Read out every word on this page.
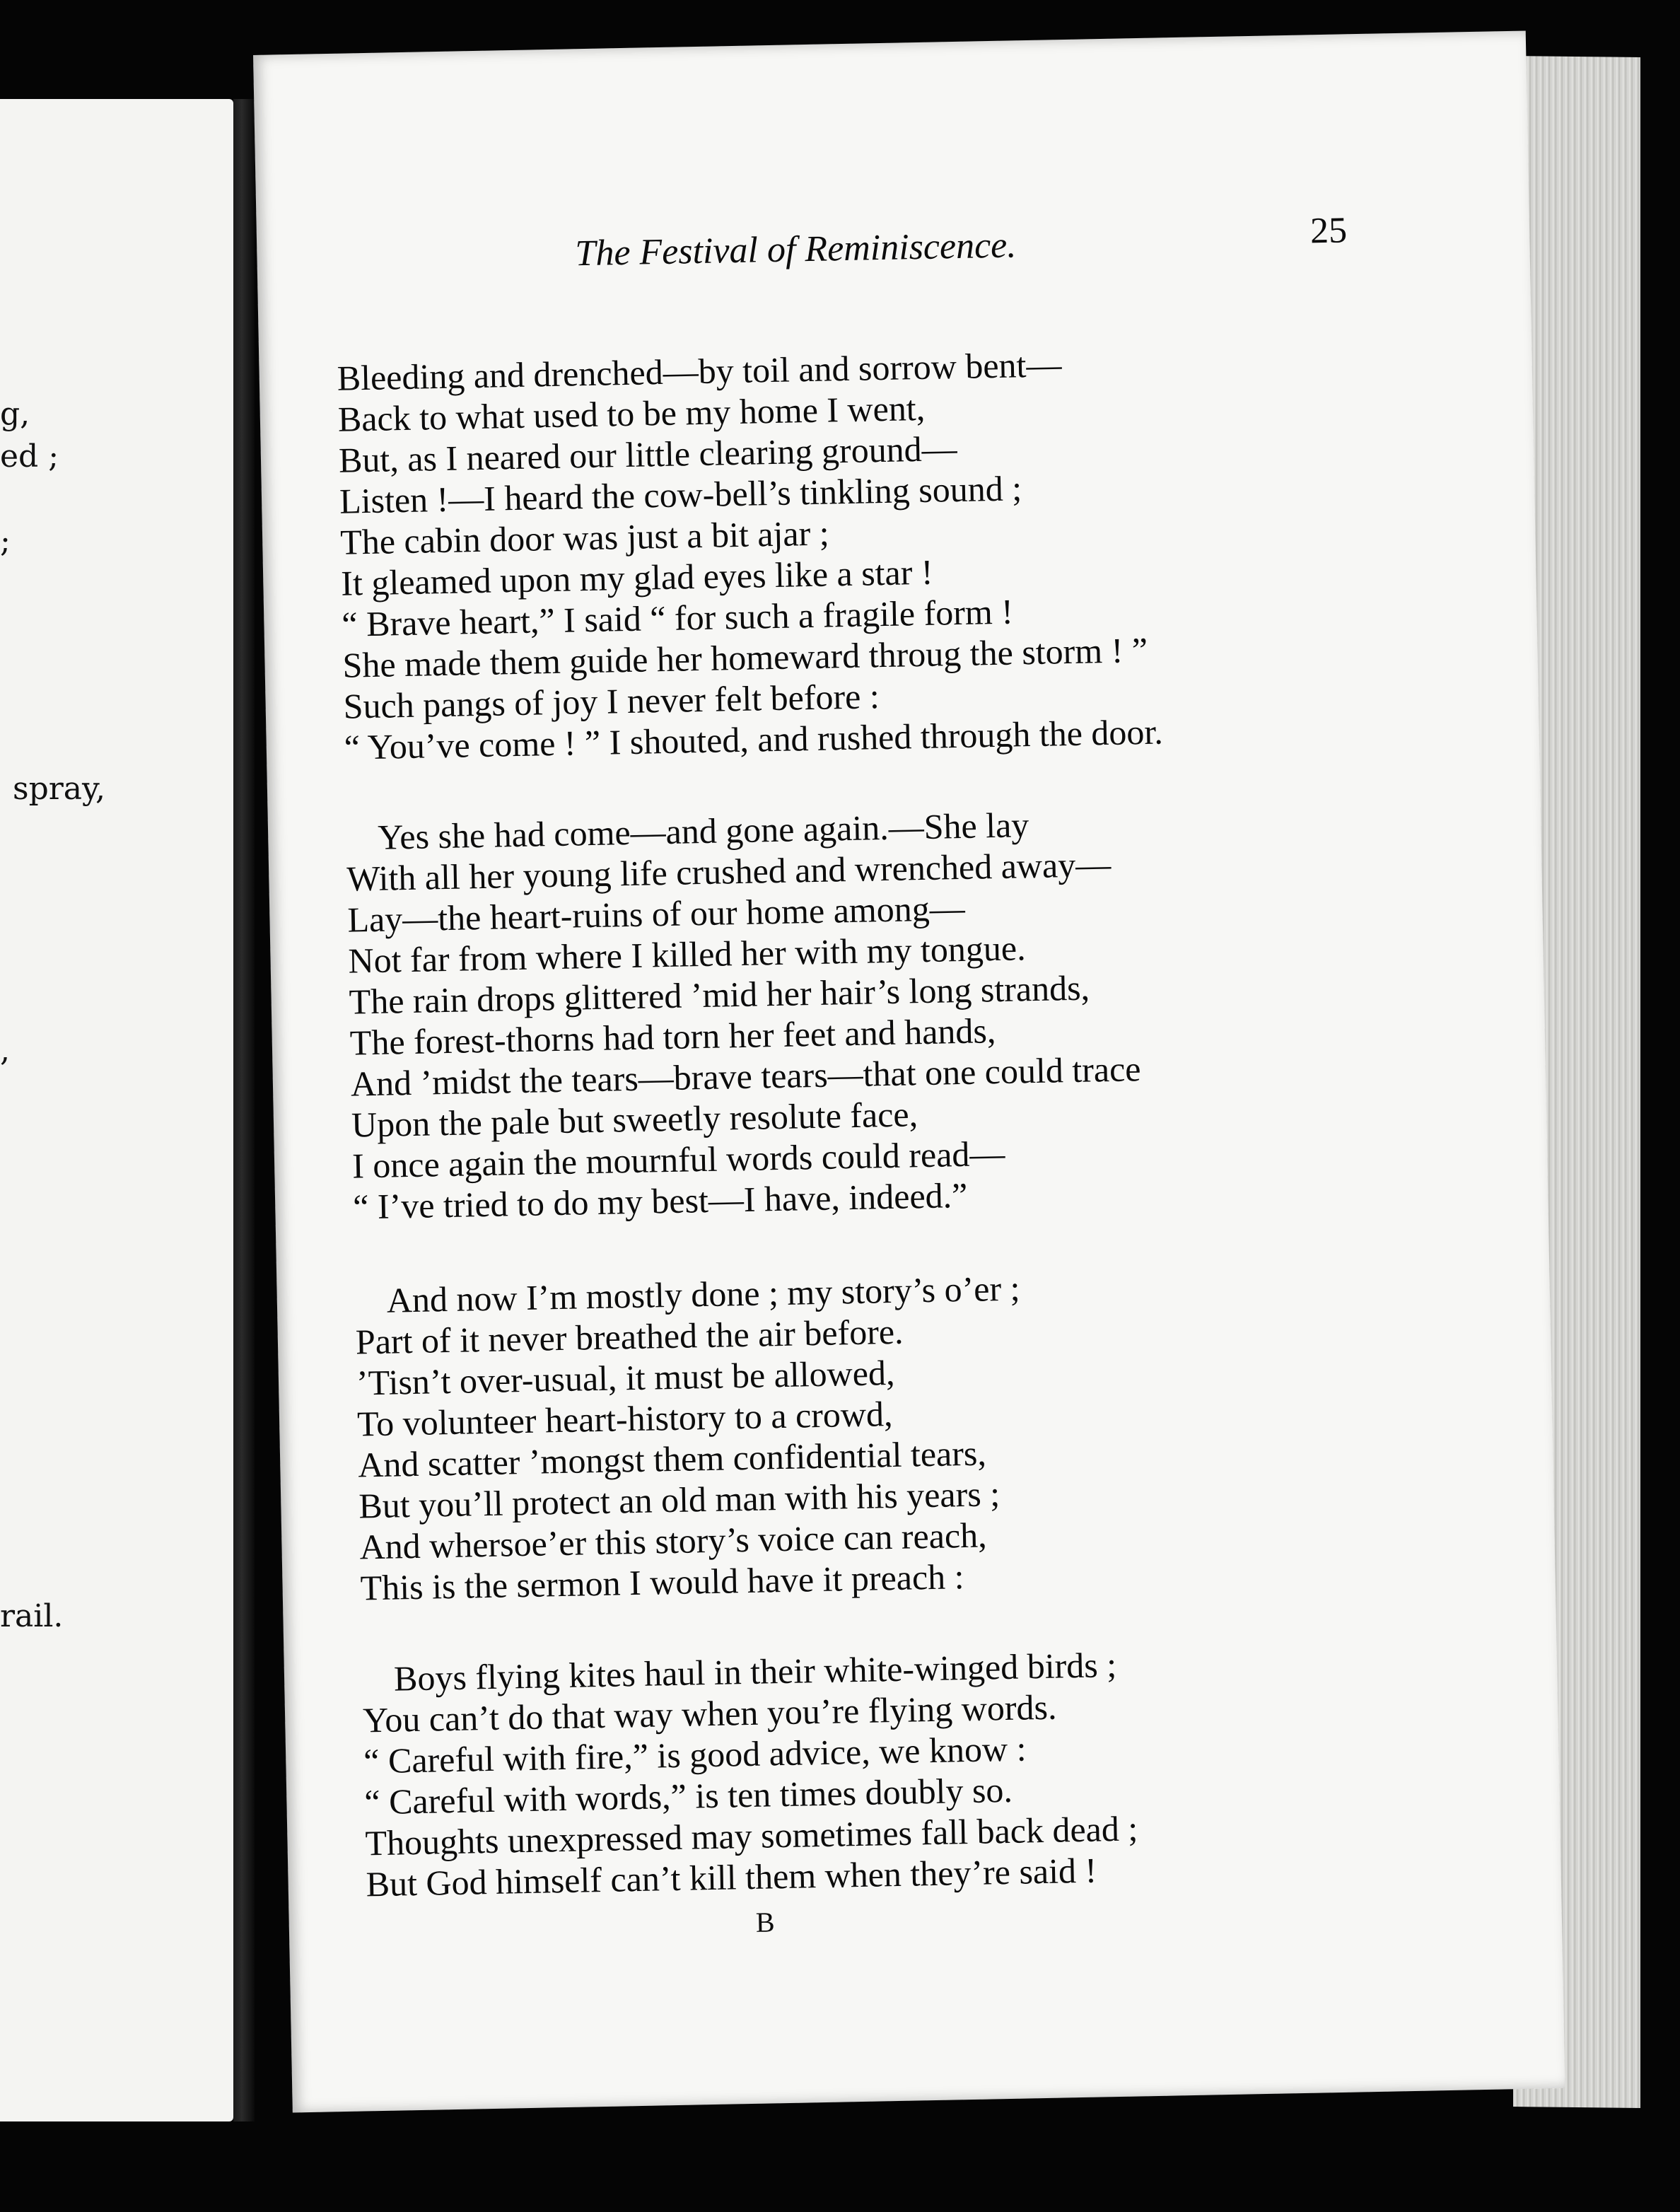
g,
ed ;
;
spray,
,
rail.
The Festival of Reminiscence.	25
Bleeding and drenched—by toil and sorrow bent—
Back to what used to be my home I went,
But, as I neared our little clearing ground—
Listen !—I heard the cow-bell’s tinkling sound ;
The cabin door was just a bit ajar ;
It gleamed upon my glad eyes like a star !
“ Brave heart,” I said “ for such a fragile form !
She made them guide her homeward throug the storm ! ”
Such pangs of joy I never felt before :
“ You’ve come ! ” I shouted, and rushed through the door.
Yes she had come—and gone again.—She lay
With all her young life crushed and wrenched away—
Lay—the heart-ruins of our home among—
Not far from where I killed her with my tongue.
The rain drops glittered ’mid her hair’s long strands,
The forest-thorns had torn her feet and hands,
And ’midst the tears—brave tears—that one could trace
Upon the pale but sweetly resolute face,
I once again the mournful words could read—
“ I’ve tried to do my best—I have, indeed.”
And now I’m mostly done ; my story’s o’er ;
Part of it never breathed the air before.
’Tisn’t over-usual, it must be allowed,
To volunteer heart-history to a crowd,
And scatter ’mongst them confidential tears,
But you’ll protect an old man with his years ;
And whersoe’er this story’s voice can reach,
This is the sermon I would have it preach :
Boys flying kites haul in their white-winged birds ;
You can’t do that way when you’re flying words.
“ Careful with fire,” is good advice, we know :
“ Careful with words,” is ten times doubly so.
Thoughts unexpressed may sometimes fall back dead ;
But God himself can’t kill them when they’re said !
B
